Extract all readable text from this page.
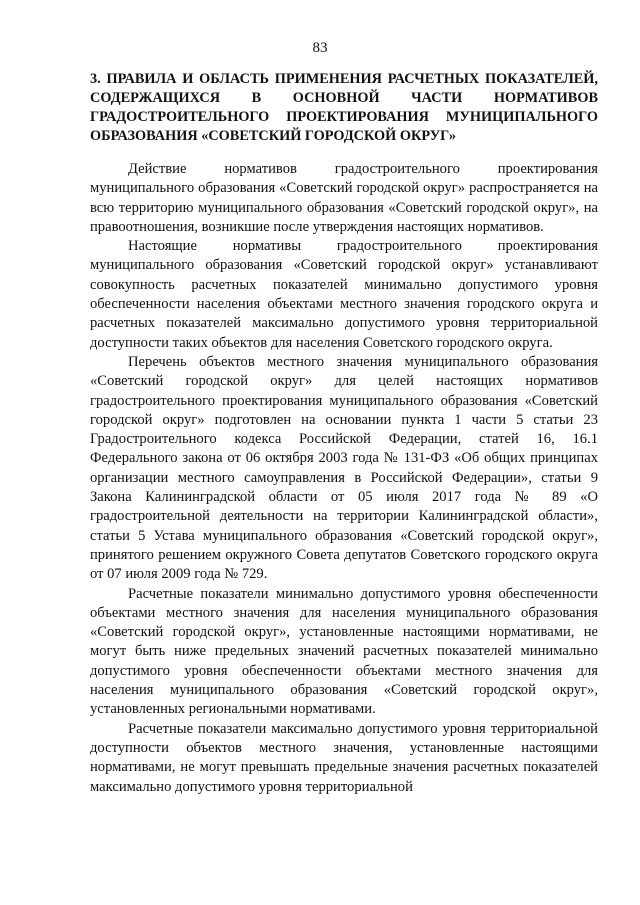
83
3. ПРАВИЛА И ОБЛАСТЬ ПРИМЕНЕНИЯ РАСЧЕТНЫХ ПОКАЗАТЕЛЕЙ, СОДЕРЖАЩИХСЯ В ОСНОВНОЙ ЧАСТИ НОРМАТИВОВ ГРАДОСТРОИТЕЛЬНОГО ПРОЕКТИРОВАНИЯ МУНИЦИПАЛЬНОГО ОБРАЗОВАНИЯ «СОВЕТСКИЙ ГОРОДСКОЙ ОКРУГ»

Действие нормативов градостроительного проектирования муниципального образования «Советский городской округ» распространяется на всю территорию муниципального образования «Советский городской округ», на правоотношения, возникшие после утверждения настоящих нормативов.

Настоящие нормативы градостроительного проектирования муниципального образования «Советский городской округ» устанавливают совокупность расчетных показателей минимально допустимого уровня обеспеченности населения объектами местного значения городского округа и расчетных показателей максимально допустимого уровня территориальной доступности таких объектов для населения Советского городского округа.

Перечень объектов местного значения муниципального образования «Советский городской округ» для целей настоящих нормативов градостроительного проектирования муниципального образования «Советский городской округ» подготовлен на основании пункта 1 части 5 статьи 23 Градостроительного кодекса Российской Федерации, статей 16, 16.1 Федерального закона от 06 октября 2003 года № 131-ФЗ «Об общих принципах организации местного самоуправления в Российской Федерации», статьи 9 Закона Калининградской области от 05 июля 2017 года № 89 «О градостроительной деятельности на территории Калининградской области», статьи 5 Устава муниципального образования «Советский городской округ», принятого решением окружного Совета депутатов Советского городского округа от 07 июля 2009 года № 729.

Расчетные показатели минимально допустимого уровня обеспеченности объектами местного значения для населения муниципального образования «Советский городской округ», установленные настоящими нормативами, не могут быть ниже предельных значений расчетных показателей минимально допустимого уровня обеспеченности объектами местного значения для населения муниципального образования «Советский городской округ», установленных региональными нормативами.

Расчетные показатели максимально допустимого уровня территориальной доступности объектов местного значения, установленные настоящими нормативами, не могут превышать предельные значения расчетных показателей максимально допустимого уровня территориальной
